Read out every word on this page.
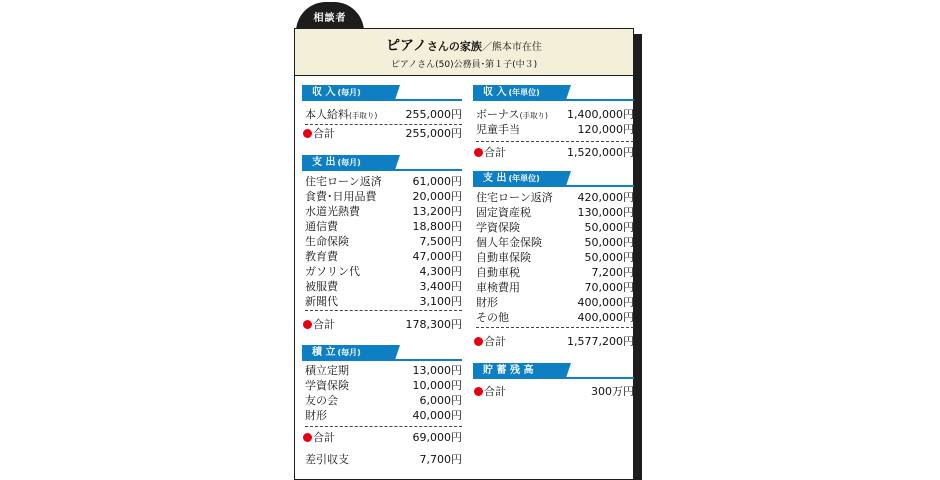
相談者
ピアノさんの家族／熊本市在住
ピアノさん(50)公務員･第１子(中３)
収 入 (毎月)
本人給料(手取り)	255,000円
合計	255,000円
支 出 (毎月)
住宅ローン返済	61,000円
食費･日用品費	20,000円
水道光熱費	13,200円
通信費	18,800円
生命保険	7,500円
教育費	47,000円
ガソリン代	4,300円
被服費	3,400円
新聞代	3,100円
合計	178,300円
積 立 (毎月)
積立定期	13,000円
学資保険	10,000円
友の会	6,000円
財形	40,000円
合計	69,000円
差引収支	7,700円
収 入 (年単位)
ボーナス(手取り) 1,400,000円
児童手当	120,000円
合計	1,520,000円
支 出 (年単位)
住宅ローン返済 420,000円
固定資産税	130,000円
学資保険	50,000円
個人年金保険	50,000円
自動車保険	50,000円
自動車税	7,200円
車検費用	70,000円
財形	400,000円
その他	400,000円
合計	1,577,200円
貯 蓄 残 高
合計	300万円
